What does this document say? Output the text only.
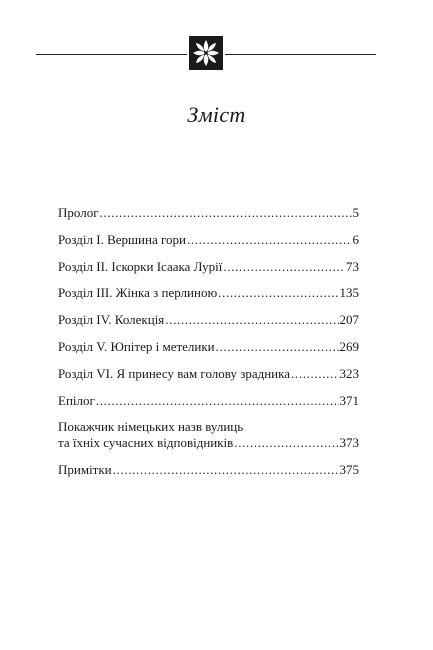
Зміст
Пролог . . .	5
Розділ I. Вершина гори . . .	6
Розділ II. Іскорки Ісаака Лурії . . .	73
Розділ III. Жінка з перлиною . . .	135
Розділ IV. Колекція . . .	207
Розділ V. Юпітер і метелики . . .	269
Розділ VI. Я принесу вам голову зрадника . . .	323
Епілог . . .	371
Покажчик німецьких назв вулиць
та їхніх сучасних відповідників . . .	373
Примітки . . .	375
